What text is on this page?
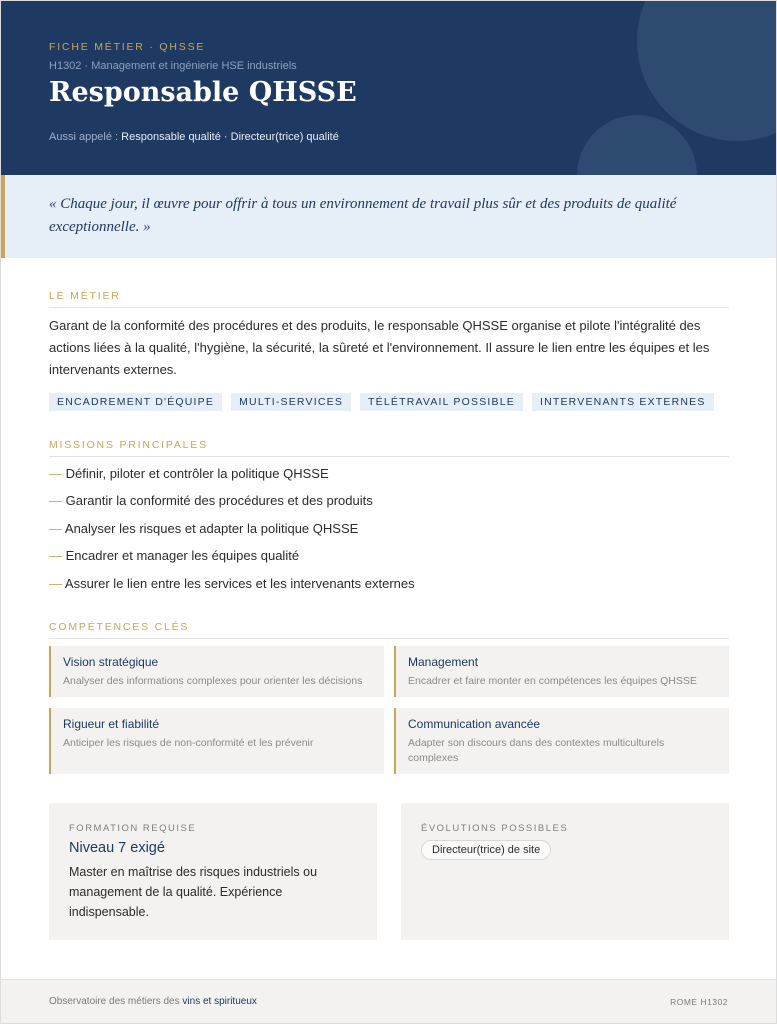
FICHE MÉTIER · QHSSE
H1302 · Management et ingénierie HSE industriels
Responsable QHSSE
Aussi appelé : Responsable qualité · Directeur(trice) qualité

« Chaque jour, il œuvre pour offrir à tous un environnement de travail plus sûr et des produits de qualité exceptionnelle. »

LE MÉTIER

Garant de la conformité des procédures et des produits, le responsable QHSSE organise et pilote l'intégralité des actions liées à la qualité, l'hygiène, la sécurité, la sûreté et l'environnement. Il assure le lien entre les équipes et les intervenants externes.

ENCADREMENT D'ÉQUIPE	MULTI-SERVICES	TÉLÉTRAVAIL POSSIBLE	INTERVENANTS EXTERNES
MISSIONS PRINCIPALES
— Définir, piloter et contrôler la politique QHSSE
— Garantir la conformité des procédures et des produits
— Analyser les risques et adapter la politique QHSSE
— Encadrer et manager les équipes qualité
— Assurer le lien entre les services et les intervenants externes
COMPÉTENCES CLÉS
Vision stratégique
Analyser des informations complexes pour orienter les décisions
Management
Encadrer et faire monter en compétences les équipes QHSSE
Rigueur et fiabilité
Anticiper les risques de non-conformité et les prévenir
Communication avancée
Adapter son discours dans des contextes multiculturels complexes
FORMATION REQUISE
Niveau 7 exigé
Master en maîtrise des risques industriels ou management de la qualité. Expérience indispensable.
ÉVOLUTIONS POSSIBLES
Directeur(trice) de site
Observatoire des métiers des vins et spiritueux	ROME H1302
